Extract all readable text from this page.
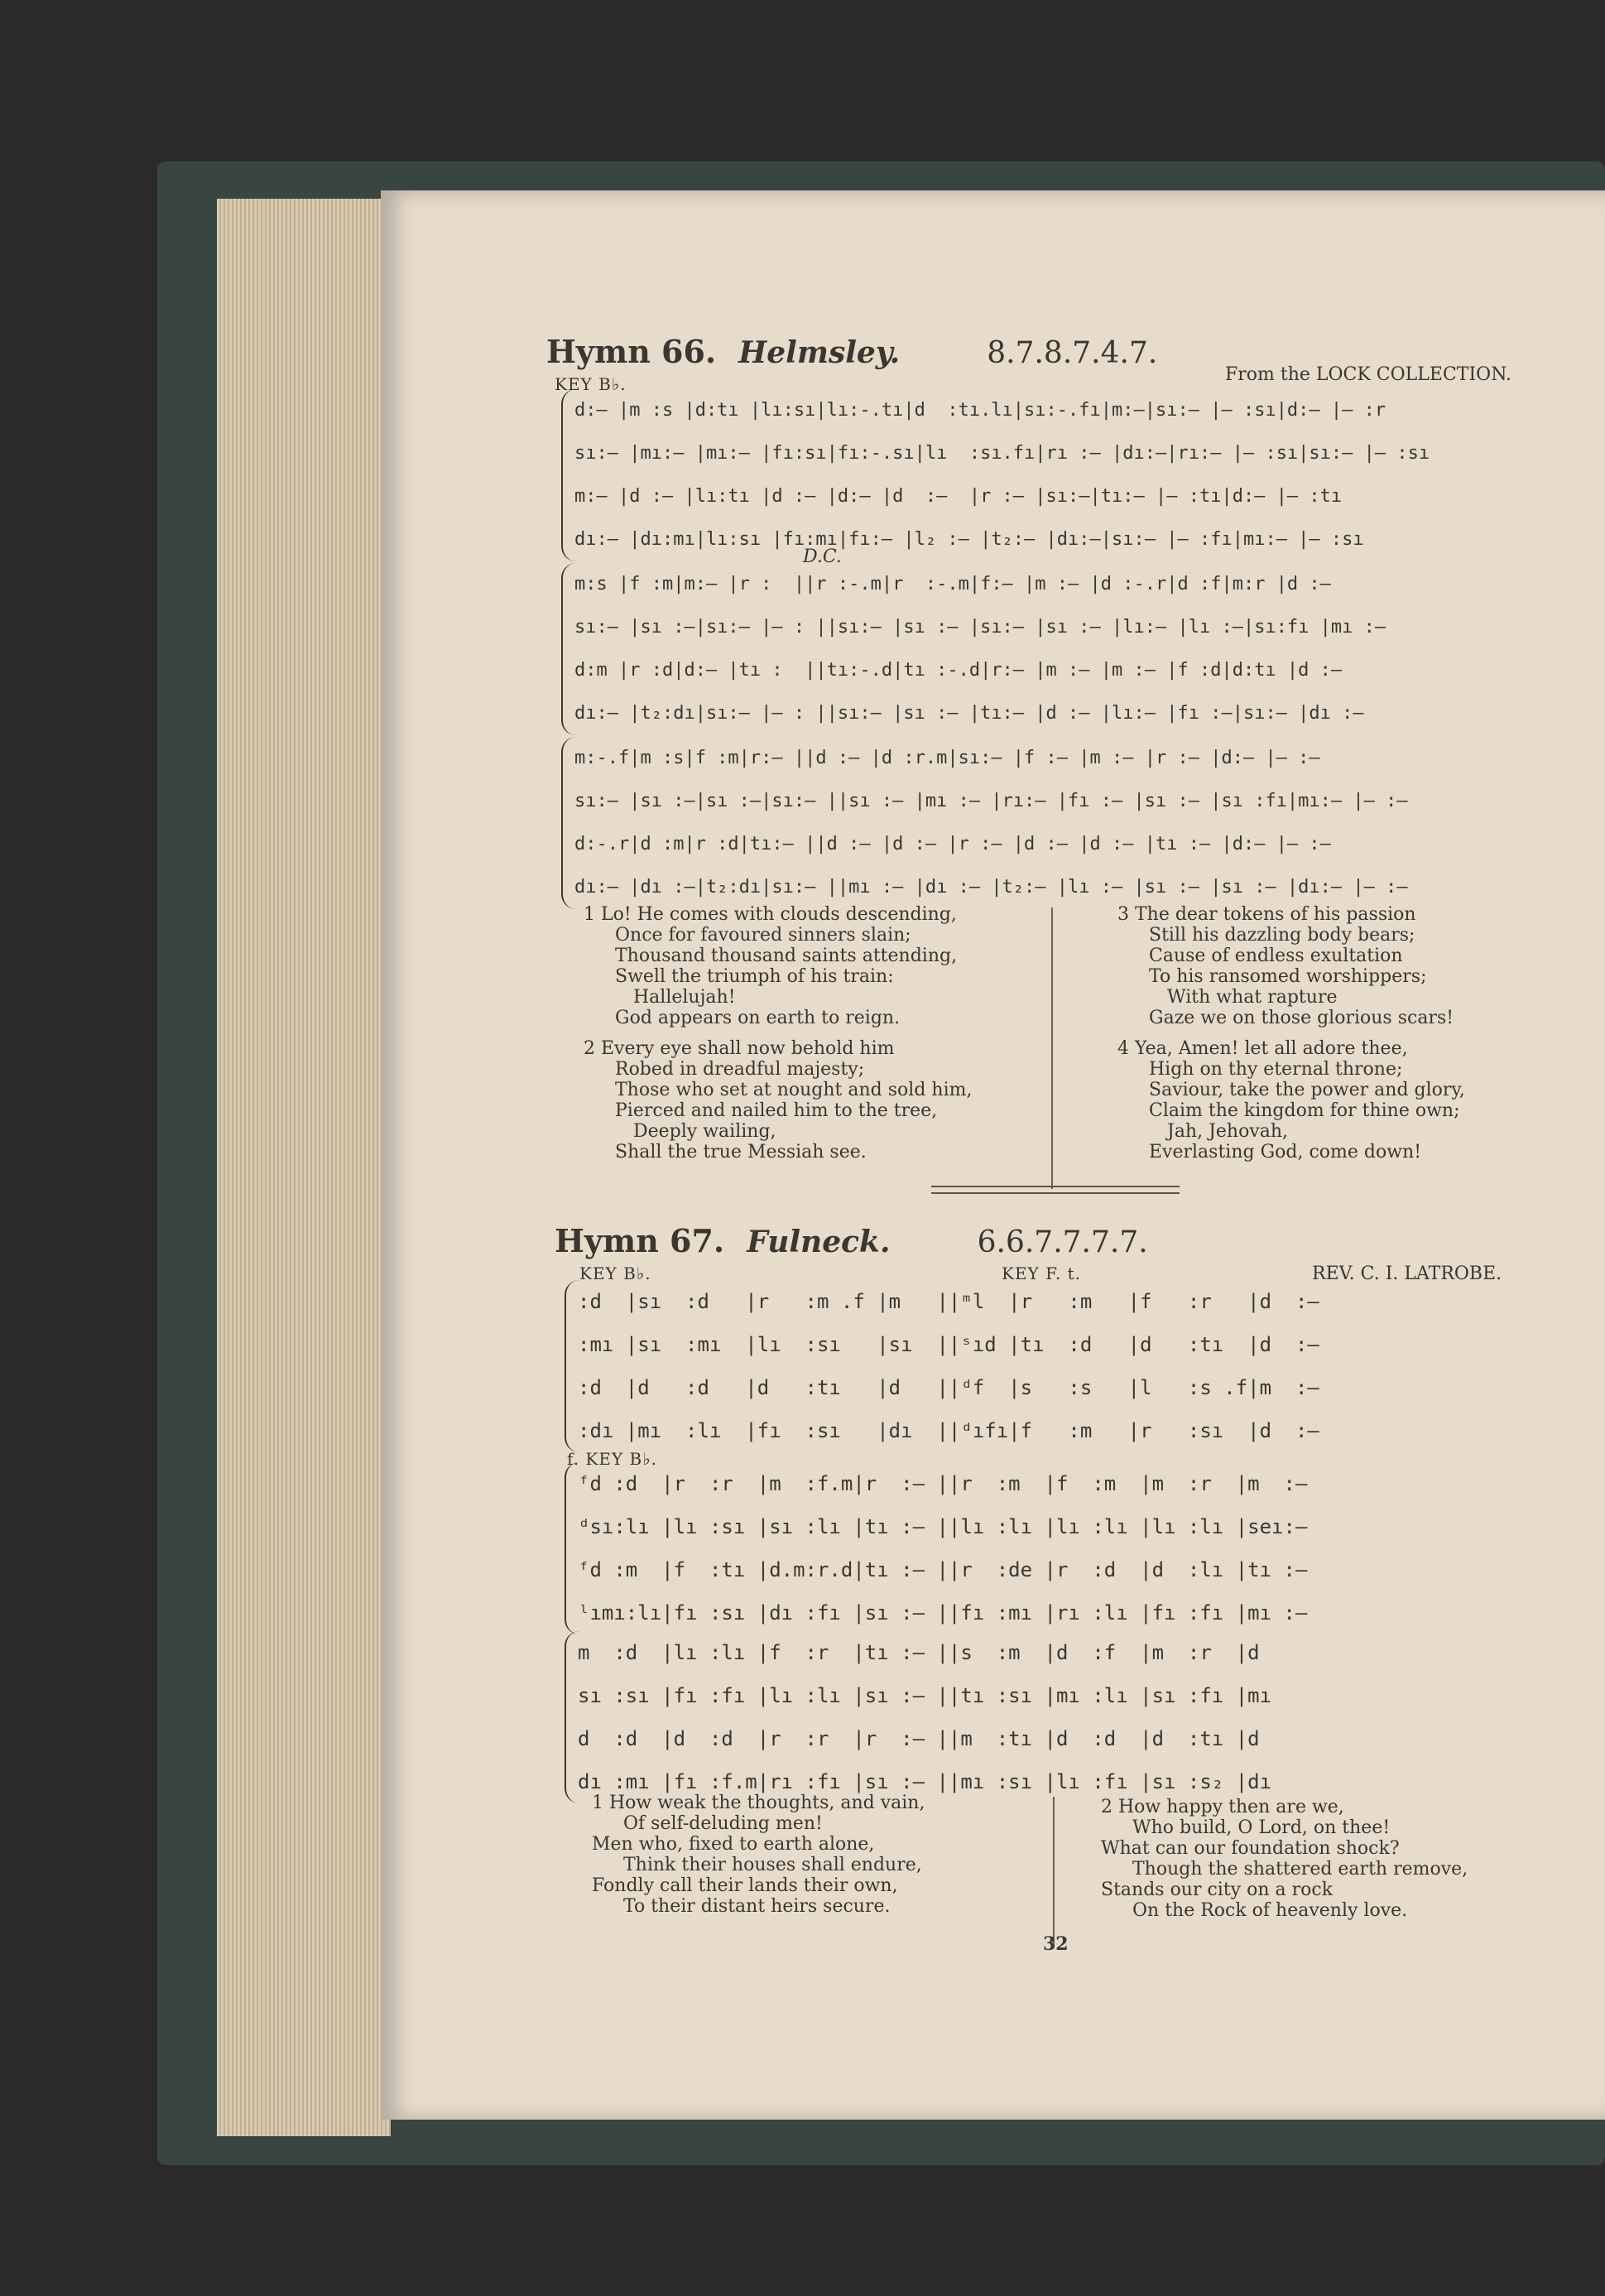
Hymn 66. Helmsley.	8.7.8.7.4.7.
KEY B♭.	From the LOCK COLLECTION.
d:— |m :s |d:tı |lı:sı|lı:-.tı|d  :tı.lı|sı:-.fı|m:—|sı:— |— :sı|d:— |— :r
sı:— |mı:— |mı:— |fı:sı|fı:-.sı|lı  :sı.fı|rı :— |dı:—|rı:— |— :sı|sı:— |— :sı
m:— |d :— |lı:tı |d :— |d:— |d  :—  |r :— |sı:—|tı:— |— :tı|d:— |— :tı
dı:— |dı:mı|lı:sı |fı:mı|fı:— |l₂ :— |t₂:— |dı:—|sı:— |— :fı|mı:— |— :sı
D.C.
m:s |f :m|m:— |r :  ||r :-.m|r  :-.m|f:— |m :— |d :-.r|d :f|m:r |d :—
sı:— |sı :—|sı:— |— : ||sı:— |sı :— |sı:— |sı :— |lı:— |lı :—|sı:fı |mı :—
d:m |r :d|d:— |tı :  ||tı:-.d|tı :-.d|r:— |m :— |m :— |f :d|d:tı |d :—
dı:— |t₂:dı|sı:— |— : ||sı:— |sı :— |tı:— |d :— |lı:— |fı :—|sı:— |dı :—
m:-.f|m :s|f :m|r:— ||d :— |d :r.m|sı:— |f :— |m :— |r :— |d:— |— :—
sı:— |sı :—|sı :—|sı:— ||sı :— |mı :— |rı:— |fı :— |sı :— |sı :fı|mı:— |— :—
d:-.r|d :m|r :d|tı:— ||d :— |d :— |r :— |d :— |d :— |tı :— |d:— |— :—
dı:— |dı :—|t₂:dı|sı:— ||mı :— |dı :— |t₂:— |lı :— |sı :— |sı :— |dı:— |— :—
1 Lo! He comes with clouds descending,
Once for favoured sinners slain;
Thousand thousand saints attending,
Swell the triumph of his train:
Hallelujah!
God appears on earth to reign.
2 Every eye shall now behold him
Robed in dreadful majesty;
Those who set at nought and sold him,
Pierced and nailed him to the tree,
Deeply wailing,
Shall the true Messiah see.
3 The dear tokens of his passion
Still his dazzling body bears;
Cause of endless exultation
To his ransomed worshippers;
With what rapture
Gaze we on those glorious scars!
4 Yea, Amen! let all adore thee,
High on thy eternal throne;
Saviour, take the power and glory,
Claim the kingdom for thine own;
Jah, Jehovah,
Everlasting God, come down!
Hymn 67. Fulneck.	6.6.7.7.7.7.
KEY B♭.	KEY F. t.	REV. C. I. LATROBE.
:d  |sı  :d   |r   :m .f |m   ||ᵐl  |r   :m   |f   :r   |d  :—
:mı |sı  :mı  |lı  :sı   |sı  ||ˢıd |tı  :d   |d   :tı  |d  :—
:d  |d   :d   |d   :tı   |d   ||ᵈf  |s   :s   |l   :s .f|m  :—
:dı |mı  :lı  |fı  :sı   |dı  ||ᵈıfı|f   :m   |r   :sı  |d  :—
f. KEY B♭.
ᶠd :d  |r  :r  |m  :f.m|r  :— ||r  :m  |f  :m  |m  :r  |m  :—
ᵈsı:lı |lı :sı |sı :lı |tı :— ||lı :lı |lı :lı |lı :lı |seı:—
ᶠd :m  |f  :tı |d.m:r.d|tı :— ||r  :de |r  :d  |d  :lı |tı :—
ˡımı:lı|fı :sı |dı :fı |sı :— ||fı :mı |rı :lı |fı :fı |mı :—
m  :d  |lı :lı |f  :r  |tı :— ||s  :m  |d  :f  |m  :r  |d
sı :sı |fı :fı |lı :lı |sı :— ||tı :sı |mı :lı |sı :fı |mı
d  :d  |d  :d  |r  :r  |r  :— ||m  :tı |d  :d  |d  :tı |d
dı :mı |fı :f.m|rı :fı |sı :— ||mı :sı |lı :fı |sı :s₂ |dı
1 How weak the thoughts, and vain,
Of self-deluding men!
Men who, fixed to earth alone,
Think their houses shall endure,
Fondly call their lands their own,
To their distant heirs secure.
2 How happy then are we,
Who build, O Lord, on thee!
What can our foundation shock?
Though the shattered earth remove,
Stands our city on a rock
On the Rock of heavenly love.
32
